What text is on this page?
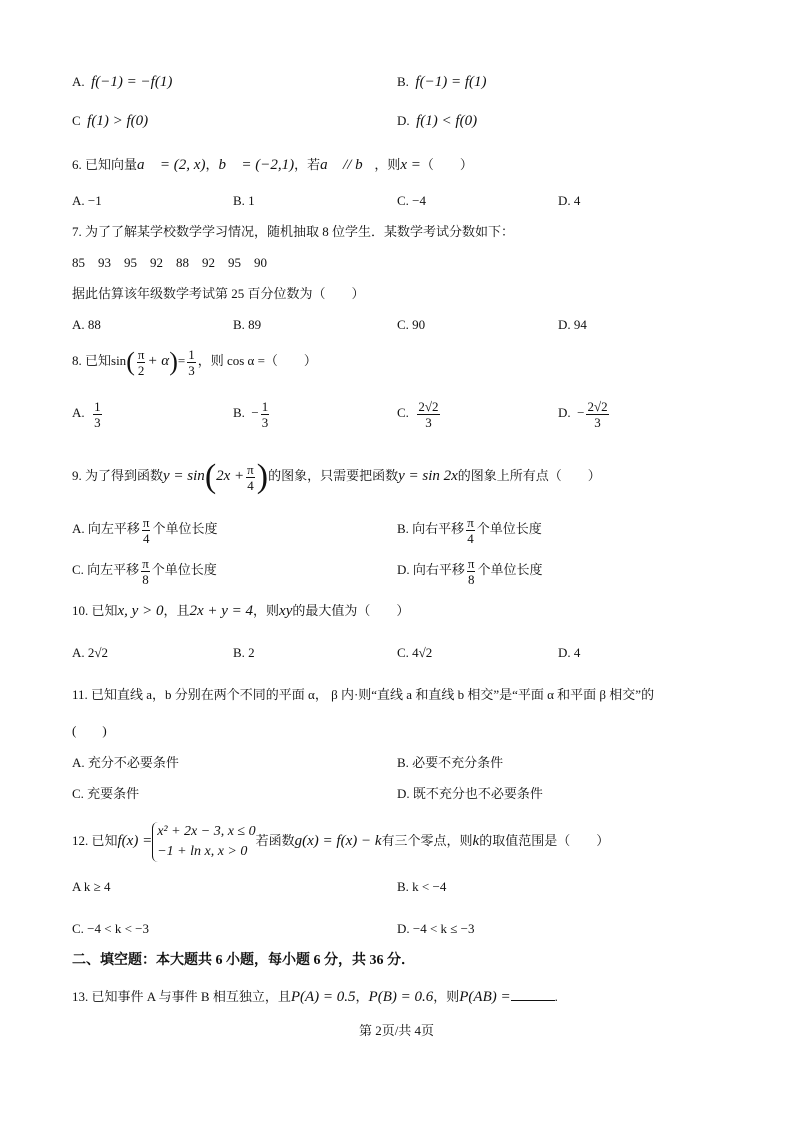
A. f(−1) = −f(1)	B. f(−1) = f(1)
C f(1) > f(0)	D. f(1) < f(0)
6. 已知向量a⃗ = (2, x)，b⃗ = (−2,1)，若a⃗ // b⃗，则x =（　　）
A. −1	B. 1	C. −4	D. 4
7. 为了了解某学校数学学习情况，随机抽取 8 位学生．某数学考试分数如下：
85    93    95    92    88    92    95    90
据此估算该年级数学考试第 25 百分位数为（　　）
A. 88	B. 89	C. 90	D. 94
8. 已知$\sin( \frac{\pi}{2} + \alpha)= \frac{1}{3}$ ，则 cos α =（　　）
A. $\frac{1}{3}$	B. − $\frac{1}{3}$	C. $\frac{2√2}{3}$	D. − $\frac{2√2}{3}$
9. 为了得到函数$y = \sin(2x + \frac{\pi}{4}$ )的图象，只需要把函数y = sin 2x的图象上所有点（　　）
A. 向左平移 $\frac{\pi}{4}$ 个单位长度	B. 向右平移 $\frac{\pi}{4}$ 个单位长度
C. 向左平移 $\frac{\pi}{8}$ 个单位长度	D. 向右平移 $\frac{\pi}{8}$ 个单位长度
10. 已知x, y > 0，且2x + y = 4，则xy的最大值为（　　）
A. 2√2	B. 2	C. 4√2	D. 4
11. 已知直线 a，b 分别在两个不同的平面 α， β 内·则“直线 a 和直线 b 相交”是“平面 α 和平面 β 相交”的
(　　)
A. 充分不必要条件	B. 必要不充分条件
C. 充要条件	D. 既不充分也不必要条件
12. 已知f(x) =
x² + 2x − 3, x ≤ 0
−1 + ln x, x > 0
若函数g(x) = f(x) − k有三个零点，则k的取值范围是（　　）
A k ≥ 4	B. k < −4
C. −4 < k < −3	D. −4 < k ≤ −3
二、填空题：本大题共 6 小题，每小题 6 分，共 36 分．
13. 已知事件 A 与事件 B 相互独立，且P(A) = 0.5，P(B) = 0.6，则P(AB) =	.
第 2页/共 4页
